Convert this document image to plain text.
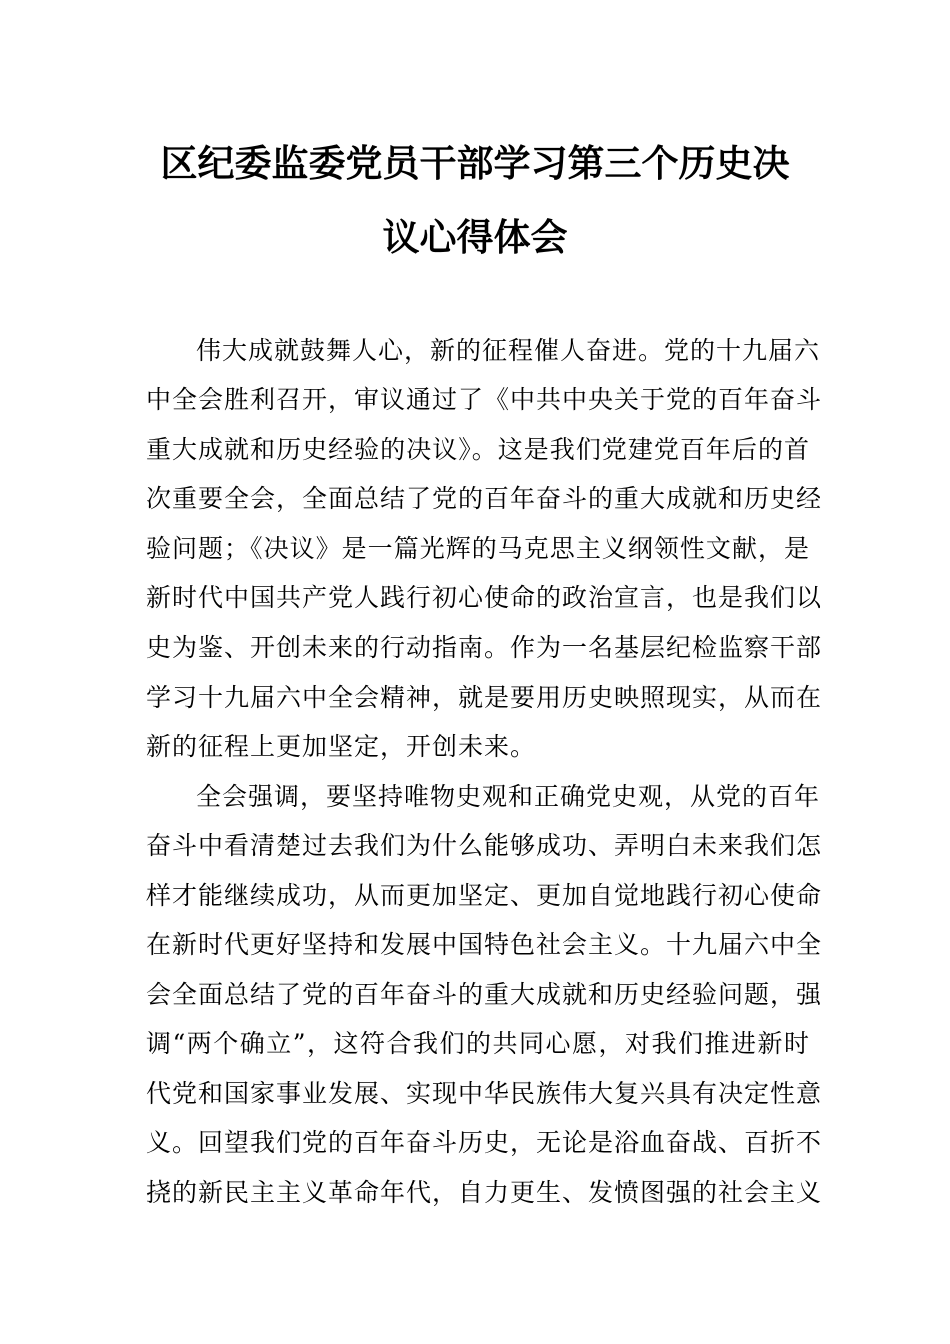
区纪委监委党员干部学习第三个历史决
议心得体会
伟大成就鼓舞人心，新的征程催人奋进。党的十九届六
中全会胜利召开，审议通过了《中共中央关于党的百年奋斗
重大成就和历史经验的决议》。这是我们党建党百年后的首
次重要全会，全面总结了党的百年奋斗的重大成就和历史经
验问题；《决议》是一篇光辉的马克思主义纲领性文献，是
新时代中国共产党人践行初心使命的政治宣言，也是我们以
史为鉴、开创未来的行动指南。作为一名基层纪检监察干部
学习十九届六中全会精神，就是要用历史映照现实，从而在
新的征程上更加坚定，开创未来。
全会强调，要坚持唯物史观和正确党史观，从党的百年
奋斗中看清楚过去我们为什么能够成功、弄明白未来我们怎
样才能继续成功，从而更加坚定、更加自觉地践行初心使命
在新时代更好坚持和发展中国特色社会主义。十九届六中全
会全面总结了党的百年奋斗的重大成就和历史经验问题，强
调“两个确立”，这符合我们的共同心愿，对我们推进新时
代党和国家事业发展、实现中华民族伟大复兴具有决定性意
义。回望我们党的百年奋斗历史，无论是浴血奋战、百折不
挠的新民主主义革命年代，自力更生、发愤图强的社会主义
